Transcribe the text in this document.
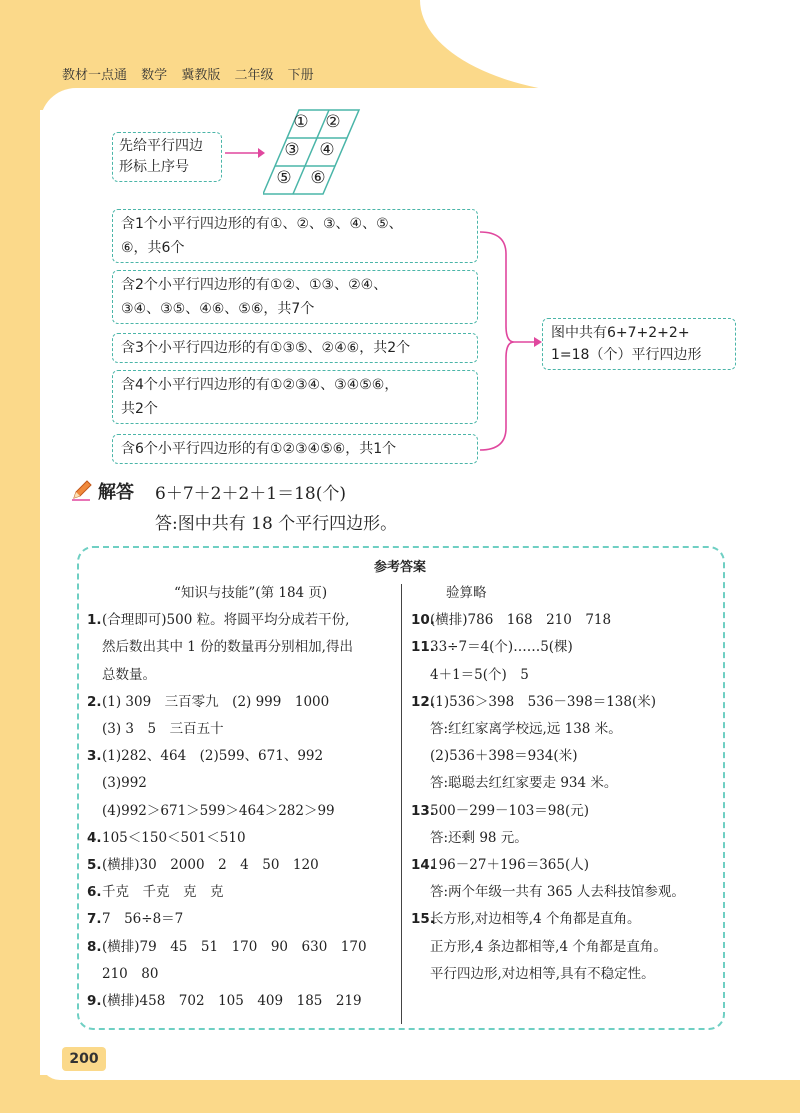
教材一点通 数学 冀教版 二年级 下册
先给平行四边
形标上序号
① ②
③ ④
⑤ ⑥
含1个小平行四边形的有①、②、③、④、⑤、
⑥，共6个
含2个小平行四边形的有①②、①③、②④、
③④、③⑤、④⑥、⑤⑥，共7个
含3个小平行四边形的有①③⑤、②④⑥，共2个
含4个小平行四边形的有①②③④、③④⑤⑥，
共2个
含6个小平行四边形的有①②③④⑤⑥，共1个
图中共有6+7+2+2+
1=18（个）平行四边形
解答 6＋7＋2＋2＋1＝18(个)
答:图中共有 18 个平行四边形。
参考答案
“知识与技能”(第 184 页)
1.(合理即可)500 粒。将圆平均分成若干份,
然后数出其中 1 份的数量再分别相加,得出
总数量。
2.(1) 309　三百零九　(2) 999　1000
(3) 3　5　三百五十
3.(1)282、464　(2)599、671、992
(3)992
(4)992＞671＞599＞464＞282＞99
4.105＜150＜501＜510
5.(横排)30　2000　2　4　50　120
6.千克　千克　克　克
7.7　56÷8＝7
8.(横排)79　45　51　170　90　630　170
210　80
9.(横排)458　702　105　409　185　219
验算略
10.(横排)786　168　210　718
11.33÷7＝4(个)……5(棵)
4＋1＝5(个)　5
12.(1)536＞398　536－398＝138(米)
答:红红家离学校远,远 138 米。
(2)536＋398＝934(米)
答:聪聪去红红家要走 934 米。
13.500－299－103＝98(元)
答:还剩 98 元。
14.196－27＋196＝365(人)
答:两个年级一共有 365 人去科技馆参观。
15.长方形,对边相等,4 个角都是直角。
正方形,4 条边都相等,4 个角都是直角。
平行四边形,对边相等,具有不稳定性。
200
